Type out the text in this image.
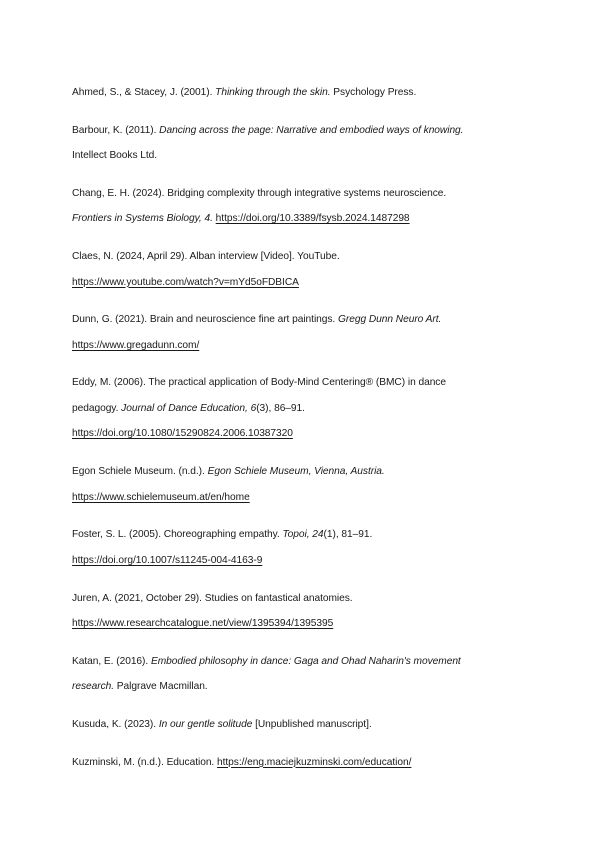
Ahmed, S., & Stacey, J. (2001). Thinking through the skin. Psychology Press.
Barbour, K. (2011). Dancing across the page: Narrative and embodied ways of knowing.
Intellect Books Ltd.
Chang, E. H. (2024). Bridging complexity through integrative systems neuroscience.
Frontiers in Systems Biology, 4. https://doi.org/10.3389/fsysb.2024.1487298
Claes, N. (2024, April 29). Alban interview [Video]. YouTube.
https://www.youtube.com/watch?v=mYd5oFDBICA
Dunn, G. (2021). Brain and neuroscience fine art paintings. Gregg Dunn Neuro Art.
https://www.gregadunn.com/
Eddy, M. (2006). The practical application of Body-Mind Centering® (BMC) in dance
pedagogy. Journal of Dance Education, 6(3), 86–91.
https://doi.org/10.1080/15290824.2006.10387320
Egon Schiele Museum. (n.d.). Egon Schiele Museum, Vienna, Austria.
https://www.schielemuseum.at/en/home
Foster, S. L. (2005). Choreographing empathy. Topoi, 24(1), 81–91.
https://doi.org/10.1007/s11245-004-4163-9
Juren, A. (2021, October 29). Studies on fantastical anatomies.
https://www.researchcatalogue.net/view/1395394/1395395
Katan, E. (2016). Embodied philosophy in dance: Gaga and Ohad Naharin's movement
research. Palgrave Macmillan.
Kusuda, K. (2023). In our gentle solitude [Unpublished manuscript].
Kuzminski, M. (n.d.). Education. https://eng.maciejkuzminski.com/education/
